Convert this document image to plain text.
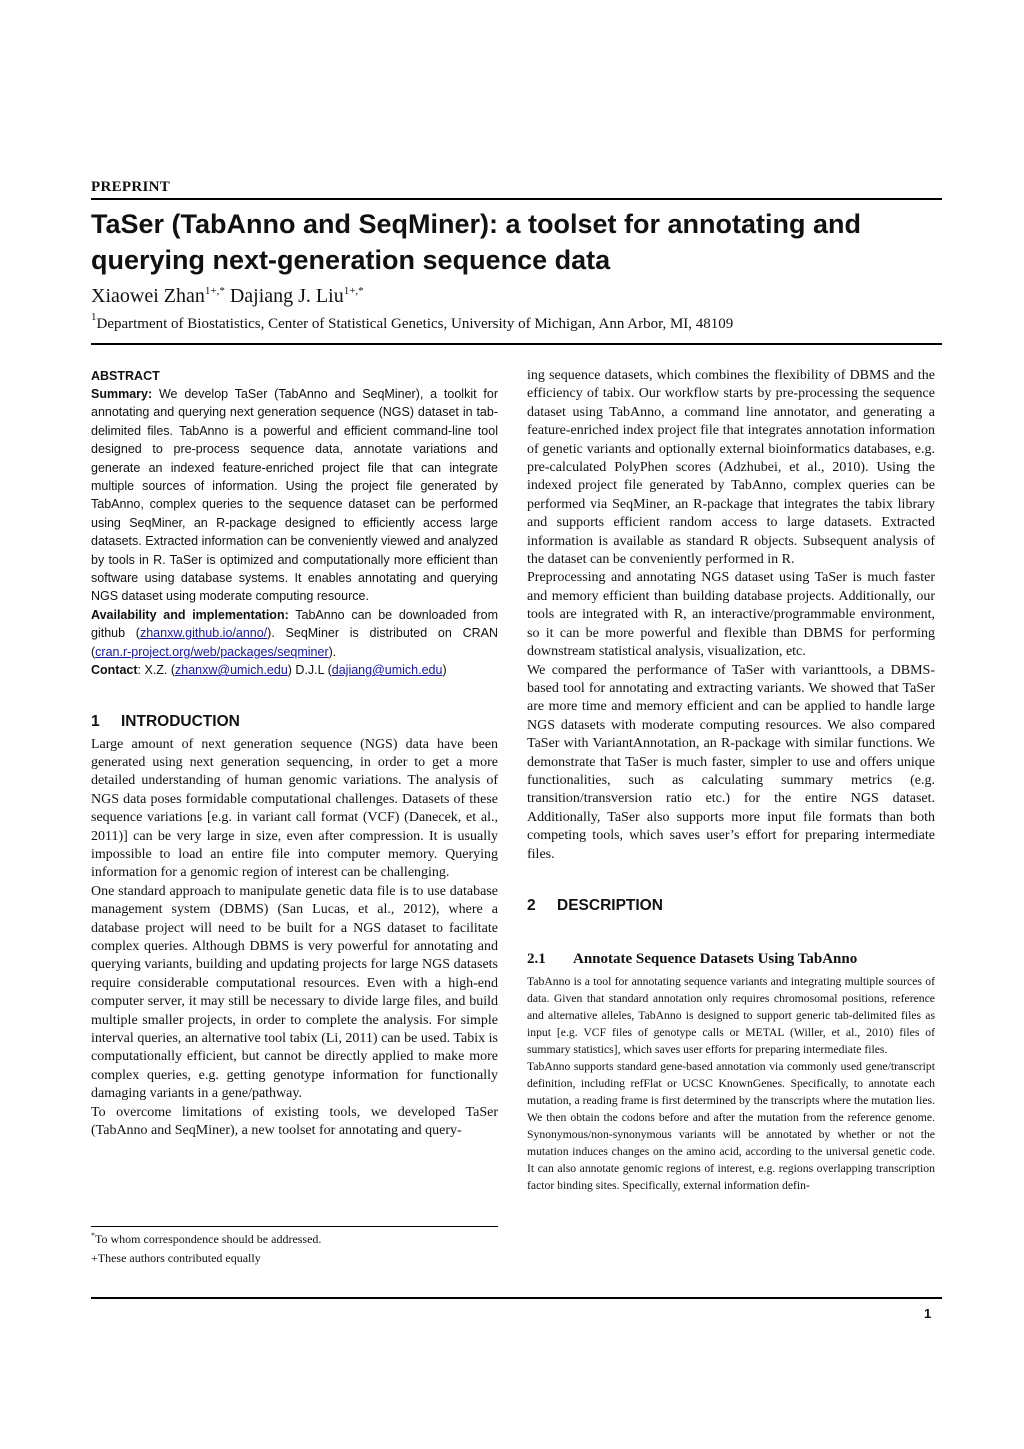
PREPRINT
TaSer (TabAnno and SeqMiner): a toolset for annotating and querying next-generation sequence data
Xiaowei Zhan$^{1+,*}$ Dajiang J. Liu$^{1+,*}$
$^1$Department of Biostatistics, Center of Statistical Genetics, University of Michigan, Ann Arbor, MI, 48109
ABSTRACT

Summary: We develop TaSer (TabAnno and SeqMiner), a toolkit for annotating and querying next generation sequence (NGS) dataset in tab-delimited files. TabAnno is a powerful and efficient command-line tool designed to pre-process sequence data, annotate variations and generate an indexed feature-enriched project file that can integrate multiple sources of information. Using the project file generated by TabAnno, complex queries to the sequence dataset can be performed using SeqMiner, an R-package designed to efficiently access large datasets. Extracted information can be conveniently viewed and analyzed by tools in R. TaSer is optimized and computationally more efficient than software using database systems. It enables annotating and querying NGS dataset using moderate computing resource.

Availability and implementation: TabAnno can be downloaded from github (zhanxw.github.io/anno/). SeqMiner is distributed on CRAN (cran.r-project.org/web/packages/seqminer).

Contact: X.Z. (zhanxw@umich.edu) D.J.L (dajiang@umich.edu)

1 INTRODUCTION

Large amount of next generation sequence (NGS) data have been generated using next generation sequencing, in order to get a more detailed understanding of human genomic variations. The analysis of NGS data poses formidable computational challenges. Datasets of these sequence variations [e.g. in variant call format (VCF) (Danecek, et al., 2011)] can be very large in size, even after compression. It is usually impossible to load an entire file into computer memory. Querying information for a genomic region of interest can be challenging.

One standard approach to manipulate genetic data file is to use database management system (DBMS) (San Lucas, et al., 2012), where a database project will need to be built for a NGS dataset to facilitate complex queries. Although DBMS is very powerful for annotating and querying variants, building and updating projects for large NGS datasets require considerable computational resources. Even with a high-end computer server, it may still be necessary to divide large files, and build multiple smaller projects, in order to complete the analysis. For simple interval queries, an alternative tool tabix (Li, 2011) can be used. Tabix is computationally efficient, but cannot be directly applied to make more complex queries, e.g. getting genotype information for functionally damaging variants in a gene/pathway.

To overcome limitations of existing tools, we developed TaSer (TabAnno and SeqMiner), a new toolset for annotating and query-

ing sequence datasets, which combines the flexibility of DBMS and the efficiency of tabix. Our workflow starts by pre-processing the sequence dataset using TabAnno, a command line annotator, and generating a feature-enriched index project file that integrates annotation information of genetic variants and optionally external bioinformatics databases, e.g. pre-calculated PolyPhen scores (Adzhubei, et al., 2010). Using the indexed project file generated by TabAnno, complex queries can be performed via SeqMiner, an R-package that integrates the tabix library and supports efficient random access to large datasets. Extracted information is available as standard R objects. Subsequent analysis of the dataset can be conveniently performed in R.

Preprocessing and annotating NGS dataset using TaSer is much faster and memory efficient than building database projects. Additionally, our tools are integrated with R, an interactive/programmable environment, so it can be more powerful and flexible than DBMS for performing downstream statistical analysis, visualization, etc.

We compared the performance of TaSer with varianttools, a DBMS-based tool for annotating and extracting variants. We showed that TaSer are more time and memory efficient and can be applied to handle large NGS datasets with moderate computing resources. We also compared TaSer with VariantAnnotation, an R-package with similar functions. We demonstrate that TaSer is much faster, simpler to use and offers unique functionalities, such as calculating summary metrics (e.g. transition/transversion ratio etc.) for the entire NGS dataset. Additionally, TaSer also supports more input file formats than both competing tools, which saves user’s effort for preparing intermediate files.

2 DESCRIPTION
2.1 Annotate Sequence Datasets Using TabAnno

TabAnno is a tool for annotating sequence variants and integrating multiple sources of data. Given that standard annotation only requires chromosomal positions, reference and alternative alleles, TabAnno is designed to support generic tab-delimited files as input [e.g. VCF files of genotype calls or METAL (Willer, et al., 2010) files of summary statistics], which saves user efforts for preparing intermediate files.

TabAnno supports standard gene-based annotation via commonly used gene/transcript definition, including refFlat or UCSC KnownGenes. Specifically, to annotate each mutation, a reading frame is first determined by the transcripts where the mutation lies. We then obtain the codons before and after the mutation from the reference genome. Synonymous/non-synonymous variants will be annotated by whether or not the mutation induces changes on the amino acid, according to the universal genetic code. It can also annotate genomic regions of interest, e.g. regions overlapping transcription factor binding sites. Specifically, external information defin-

*To whom correspondence should be addressed.
+These authors contributed equally
1
